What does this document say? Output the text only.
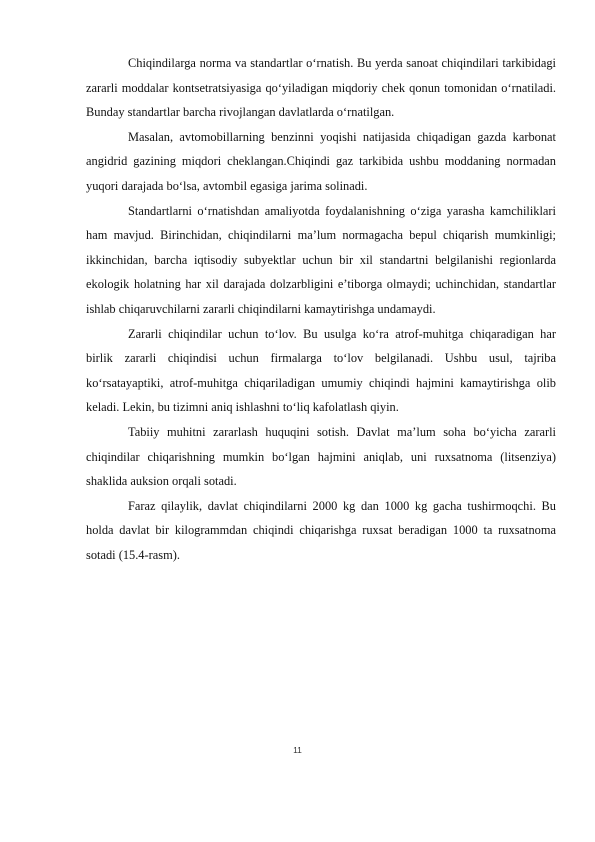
Chiqindilarga norma va standartlar o‘rnatish. Bu yerda sanoat chiqindilari tarkibidagi zararli moddalar kontsetratsiyasiga qo‘yiladigan miqdoriy chek qonun tomonidan o‘rnatiladi. Bunday standartlar barcha rivojlangan davlatlarda o‘rnatilgan.

Masalan, avtomobillarning benzinni yoqishi natijasida chiqadigan gazda karbonat angidrid gazining miqdori cheklangan.Chiqindi gaz tarkibida ushbu moddaning normadan yuqori darajada bo‘lsa, avtombil egasiga jarima solinadi.

Standartlarni o‘rnatishdan amaliyotda foydalanishning o‘ziga yarasha kamchiliklari ham mavjud. Birinchidan, chiqindilarni ma’lum normagacha bepul chiqarish mumkinligi; ikkinchidan, barcha iqtisodiy subyektlar uchun bir xil standartni belgilanishi regionlarda ekologik holatning har xil darajada dolzarbligini e’tiborga olmaydi; uchinchidan, standartlar ishlab chiqaruvchilarni zararli chiqindilarni kamaytirishga undamaydi.

Zararli chiqindilar uchun to‘lov. Bu usulga ko‘ra atrof-muhitga chiqaradigan har birlik zararli chiqindisi uchun firmalarga to‘lov belgilanadi. Ushbu usul, tajriba ko‘rsatayaptiki, atrof-muhitga chiqariladigan umumiy chiqindi hajmini kamaytirishga olib keladi. Lekin, bu tizimni aniq ishlashni to‘liq kafolatlash qiyin.

Tabiiy muhitni zararlash huquqini sotish. Davlat ma’lum soha bo‘yicha zararli chiqindilar chiqarishning mumkin bo‘lgan hajmini aniqlab, uni ruxsatnoma (litsenziya) shaklida auksion orqali sotadi.

Faraz qilaylik, davlat chiqindilarni 2000 kg dan 1000 kg gacha tushirmoqchi. Bu holda davlat bir kilogrammdan chiqindi chiqarishga ruxsat beradigan 1000 ta ruxsatnoma sotadi (15.4-rasm).

11
